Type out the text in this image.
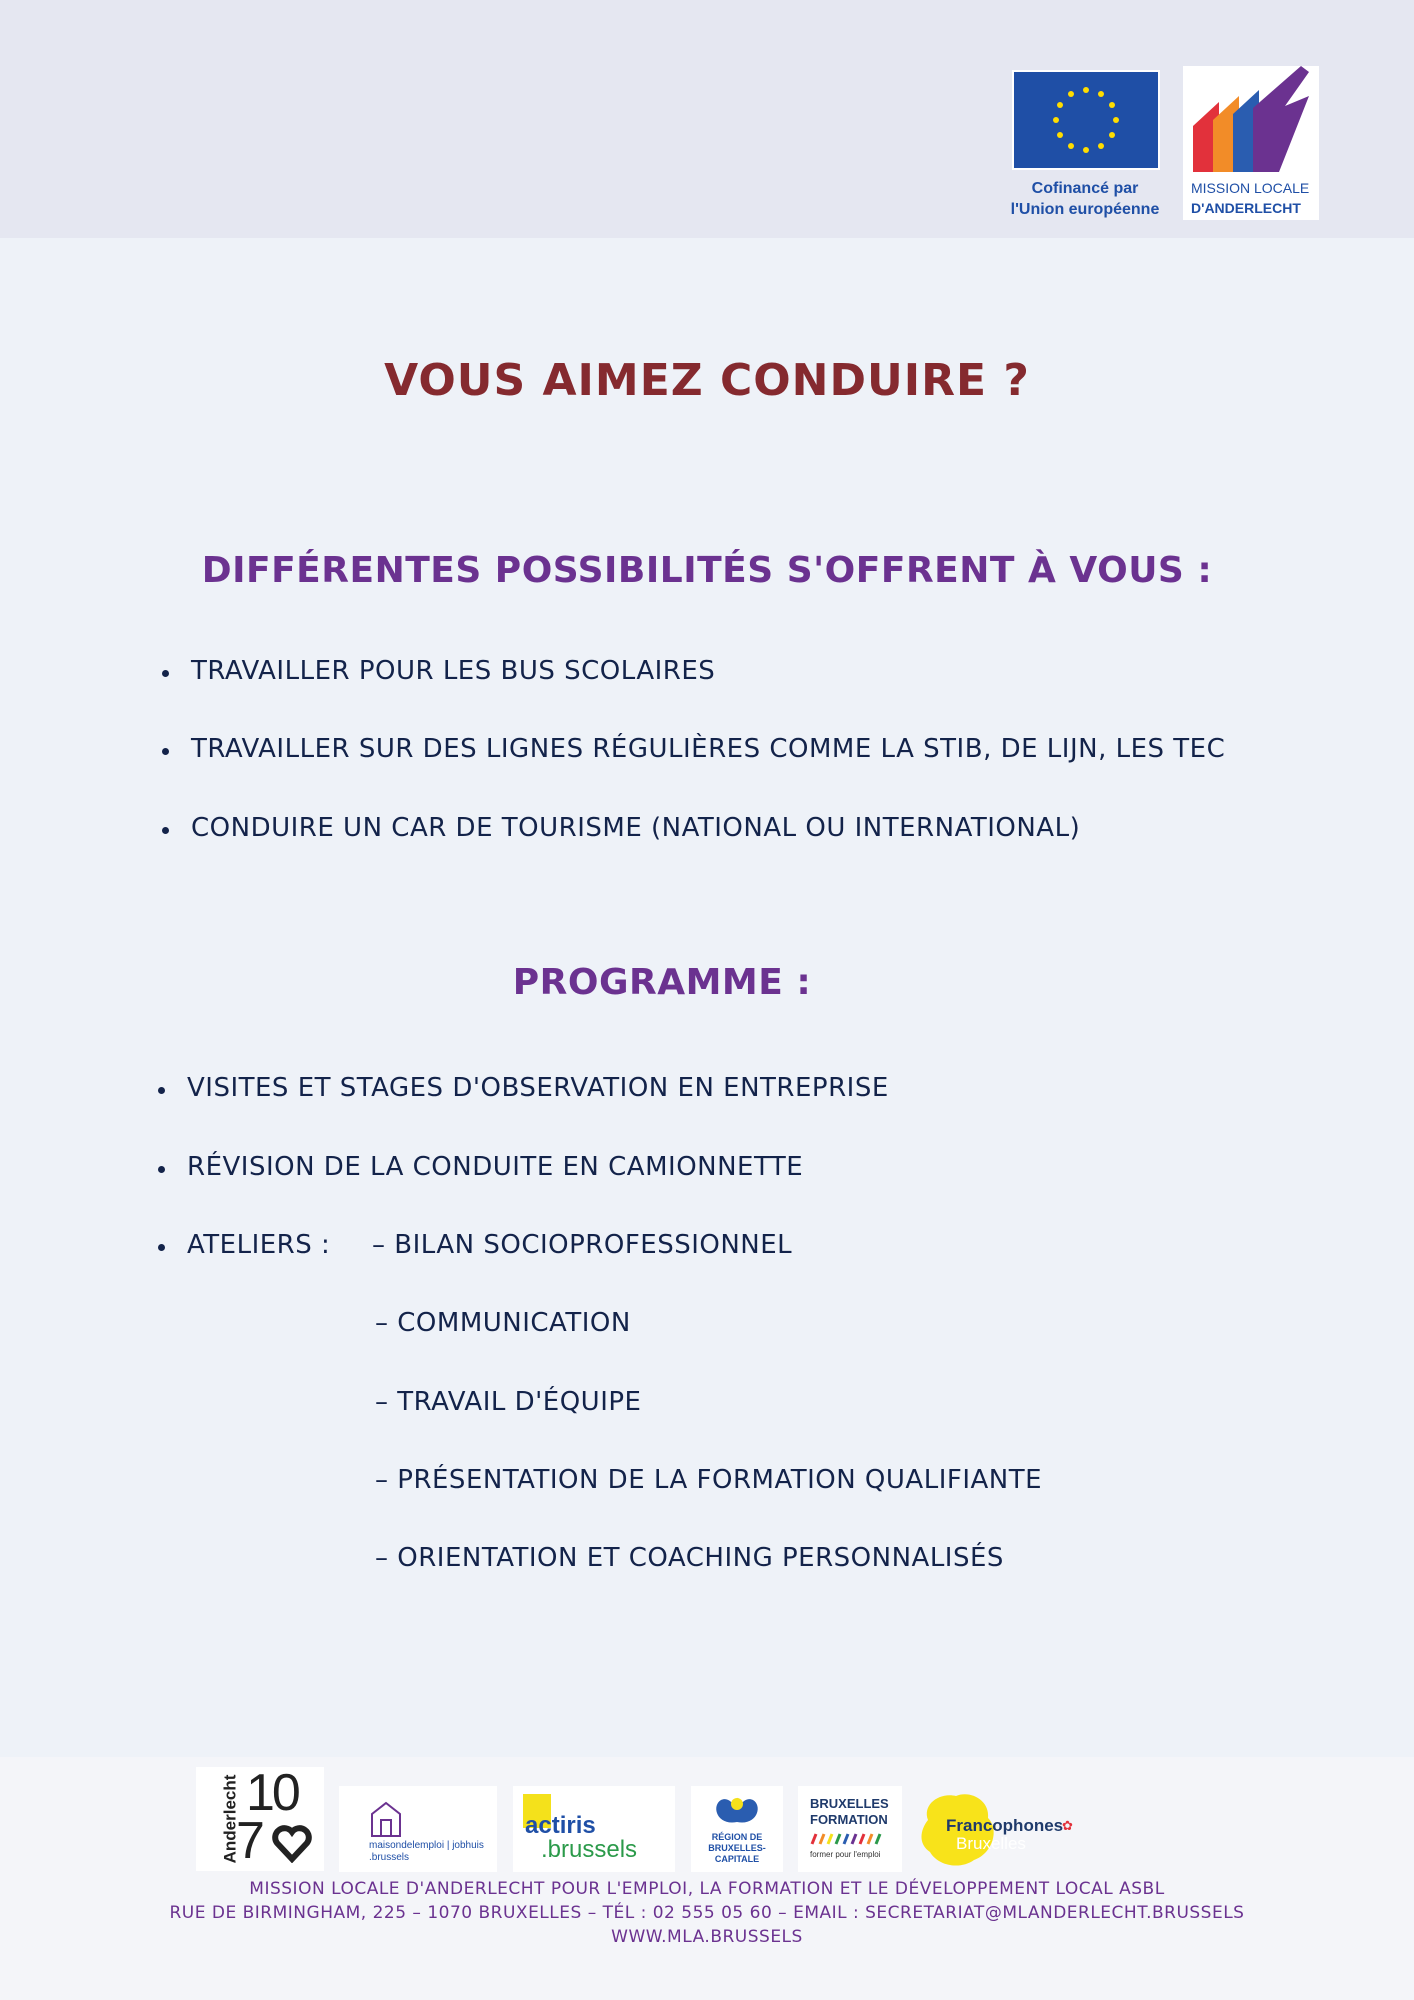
Cofinancé par
l'Union européenne
MISSION LOCALE
D'ANDERLECHT
VOUS AIMEZ CONDUIRE ?
DIFFÉRENTES POSSIBILITÉS S'OFFRENT À VOUS :
TRAVAILLER POUR LES BUS SCOLAIRES
TRAVAILLER SUR DES LIGNES RÉGULIÈRES COMME LA STIB, DE LIJN, LES TEC
CONDUIRE UN CAR DE TOURISME (NATIONAL OU INTERNATIONAL)
PROGRAMME :
VISITES ET STAGES D'OBSERVATION EN ENTREPRISE
RÉVISION DE LA CONDUITE EN CAMIONNETTE
ATELIERS : – BILAN SOCIOPROFESSIONNEL
– COMMUNICATION
– TRAVAIL D'ÉQUIPE
– PRÉSENTATION DE LA FORMATION QUALIFIANTE
– ORIENTATION ET COACHING PERSONNALISÉS
Anderlecht 10
7	maisondelemploi | jobhuis
.brussels
actiris
.brussels	RÉGION DE
BRUXELLES-
CAPITALE
BRUXELLES
FORMATION
former pour l'emploi
Francophones
Bruxelles
✿
MISSION LOCALE D'ANDERLECHT POUR L'EMPLOI, LA FORMATION ET LE DÉVELOPPEMENT LOCAL ASBL
RUE DE BIRMINGHAM, 225 – 1070 BRUXELLES – TÉL : 02 555 05 60 – EMAIL : SECRETARIAT@MLANDERLECHT.BRUSSELS
WWW.MLA.BRUSSELS
